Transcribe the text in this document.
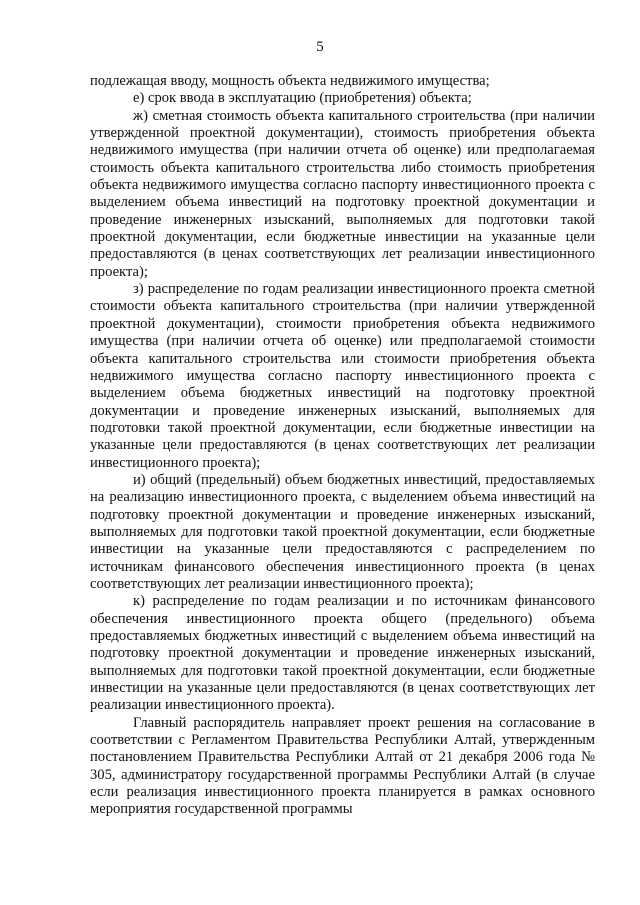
5

подлежащая вводу, мощность объекта недвижимого имущества;

е) срок ввода в эксплуатацию (приобретения) объекта;

ж) сметная стоимость объекта капитального строительства (при наличии утвержденной проектной документации), стоимость приобретения объекта недвижимого имущества (при наличии отчета об оценке) или предполагаемая стоимость объекта капитального строительства либо стоимость приобретения объекта недвижимого имущества согласно паспорту инвестиционного проекта с выделением объема инвестиций на подготовку проектной документации и проведение инженерных изысканий, выполняемых для подготовки такой проектной документации, если бюджетные инвестиции на указанные цели предоставляются (в ценах соответствующих лет реализации инвестиционного проекта);

з) распределение по годам реализации инвестиционного проекта сметной стоимости объекта капитального строительства (при наличии утвержденной проектной документации), стоимости приобретения объекта недвижимого имущества (при наличии отчета об оценке) или предполагаемой стоимости объекта капитального строительства или стоимости приобретения объекта недвижимого имущества согласно паспорту инвестиционного проекта с выделением объема бюджетных инвестиций на подготовку проектной документации и проведение инженерных изысканий, выполняемых для подготовки такой проектной документации, если бюджетные инвестиции на указанные цели предоставляются (в ценах соответствующих лет реализации инвестиционного проекта);

и) общий (предельный) объем бюджетных инвестиций, предоставляемых на реализацию инвестиционного проекта, с выделением объема инвестиций на подготовку проектной документации и проведение инженерных изысканий, выполняемых для подготовки такой проектной документации, если бюджетные инвестиции на указанные цели предоставляются с распределением по источникам финансового обеспечения инвестиционного проекта (в ценах соответствующих лет реализации инвестиционного проекта);

к) распределение по годам реализации и по источникам финансового обеспечения инвестиционного проекта общего (предельного) объема предоставляемых бюджетных инвестиций с выделением объема инвестиций на подготовку проектной документации и проведение инженерных изысканий, выполняемых для подготовки такой проектной документации, если бюджетные инвестиции на указанные цели предоставляются (в ценах соответствующих лет реализации инвестиционного проекта).

Главный распорядитель направляет проект решения на согласование в соответствии с Регламентом Правительства Республики Алтай, утвержденным постановлением Правительства Республики Алтай от 21 декабря 2006 года № 305, администратору государственной программы Республики Алтай (в случае если реализация инвестиционного проекта планируется в рамках основного мероприятия государственной программы
